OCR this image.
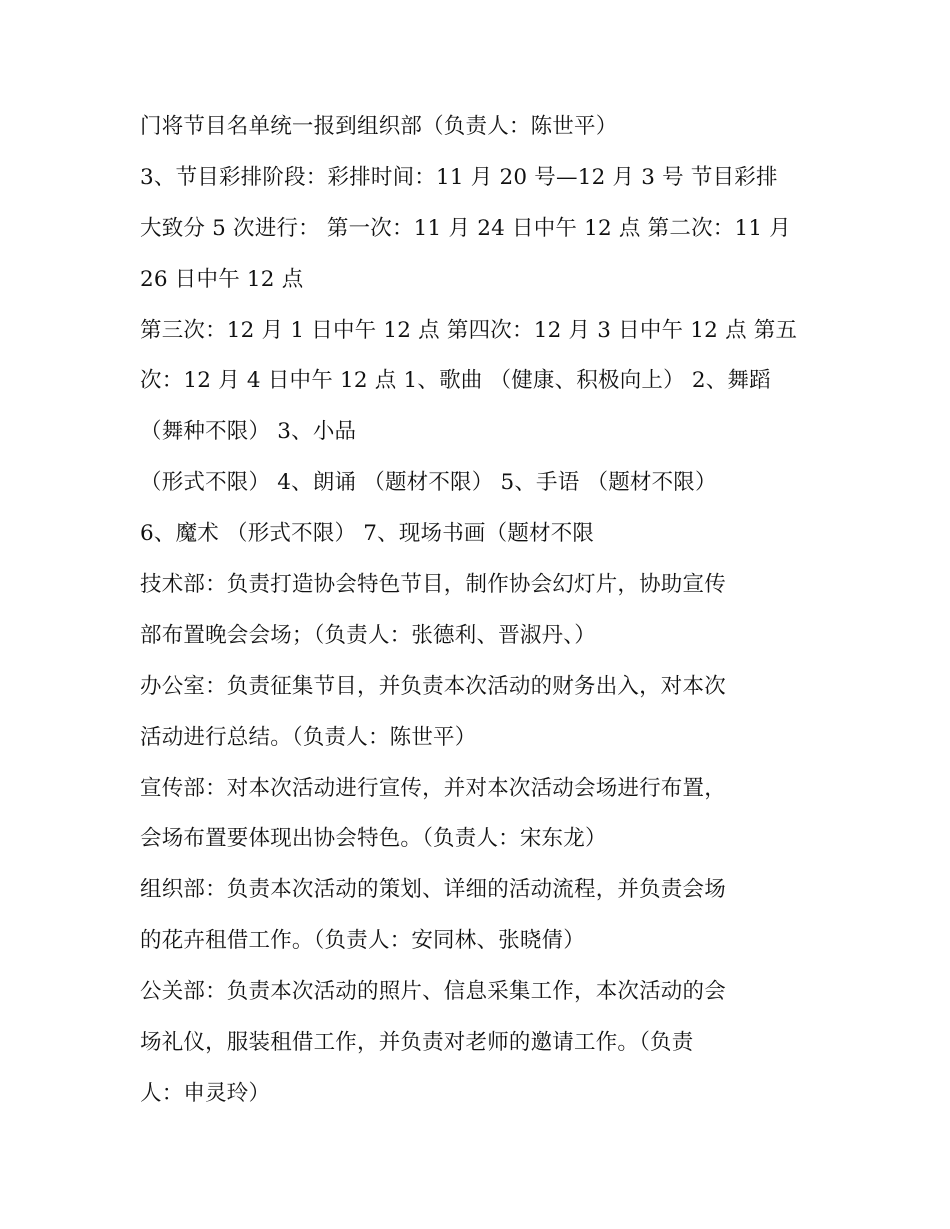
门将节目名单统一报到组织部（负责人：陈世平）
3、节目彩排阶段：彩排时间：11 月 20 号—12 月 3 号 节目彩排
大致分 5 次进行： 第一次：11 月 24 日中午 12 点 第二次：11 月
26 日中午 12 点
第三次：12 月 1 日中午 12 点 第四次：12 月 3 日中午 12 点 第五
次：12 月 4 日中午 12 点 1、歌曲 （健康、积极向上） 2、舞蹈
（舞种不限） 3、小品
（形式不限） 4、朗诵 （题材不限） 5、手语 （题材不限）
6、魔术 （形式不限） 7、现场书画（题材不限
技术部：负责打造协会特色节目，制作协会幻灯片，协助宣传
部布置晚会会场；（负责人：张德利、晋淑丹、）
办公室：负责征集节目，并负责本次活动的财务出入，对本次
活动进行总结。（负责人：陈世平）
宣传部：对本次活动进行宣传，并对本次活动会场进行布置，
会场布置要体现出协会特色。（负责人：宋东龙）
组织部：负责本次活动的策划、详细的活动流程，并负责会场
的花卉租借工作。（负责人：安同林、张晓倩）
公关部：负责本次活动的照片、信息采集工作，本次活动的会
场礼仪，服装租借工作，并负责对老师的邀请工作。（负责
人：申灵玲）
